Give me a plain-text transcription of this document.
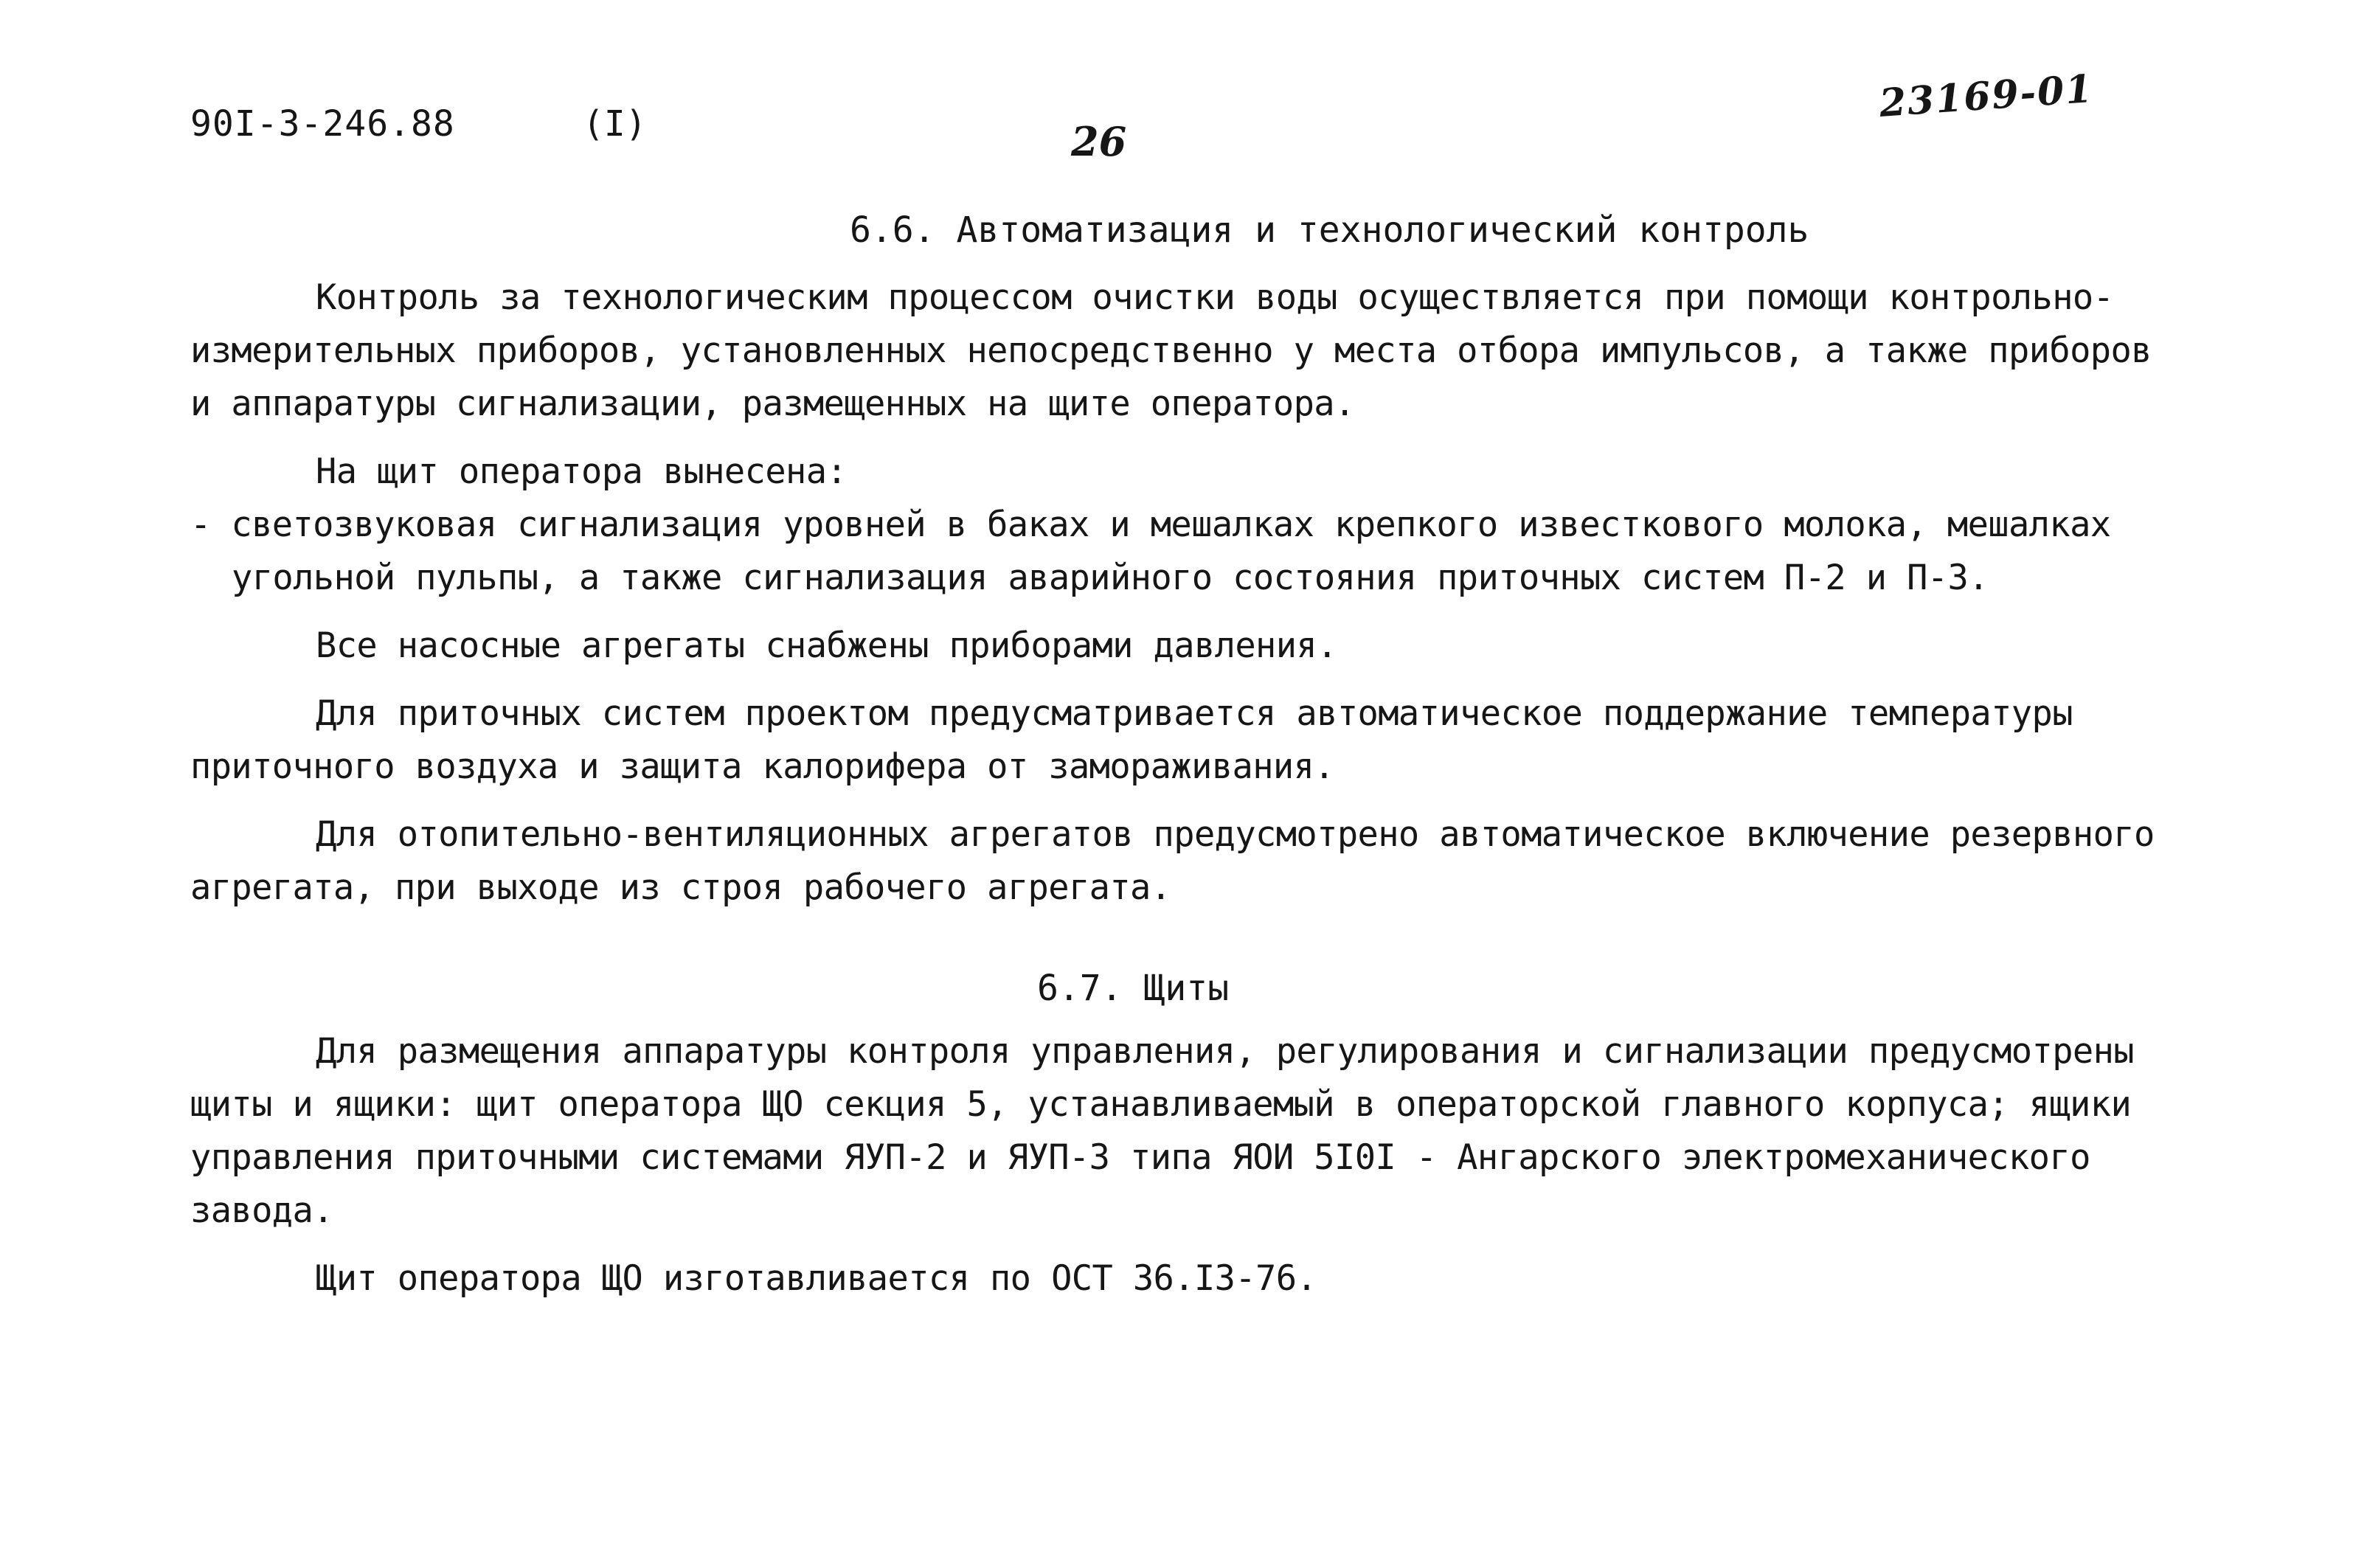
90I-3-246.88	(I)	26
23169-01
6.6. Автоматизация и технологический контроль
Контроль за технологическим процессом очистки воды осуществляется при помощи контрольно-
измерительных приборов, установленных непосредственно у места отбора импульсов, а также приборов
и аппаратуры сигнализации, размещенных на щите оператора.
На щит оператора вынесена:
- светозвуковая сигнализация уровней в баках и мешалках крепкого известкового молока, мешалках
угольной пульпы, а также сигнализация аварийного состояния приточных систем П-2 и П-3.
Все насосные агрегаты снабжены приборами давления.
Для приточных систем проектом предусматривается автоматическое поддержание температуры
приточного воздуха и защита калорифера от замораживания.
Для отопительно-вентиляционных агрегатов предусмотрено автоматическое включение резервного
агрегата, при выходе из строя рабочего агрегата.
6.7. Щиты
Для размещения аппаратуры контроля управления, регулирования и сигнализации предусмотрены
щиты и ящики: щит оператора ЩО секция 5, устанавливаемый в операторской главного корпуса; ящики
управления приточными системами ЯУП-2 и ЯУП-3 типа ЯОИ 5I0I - Ангарского электромеханического
завода.
Щит оператора ЩО изготавливается по ОСТ 36.I3-76.
